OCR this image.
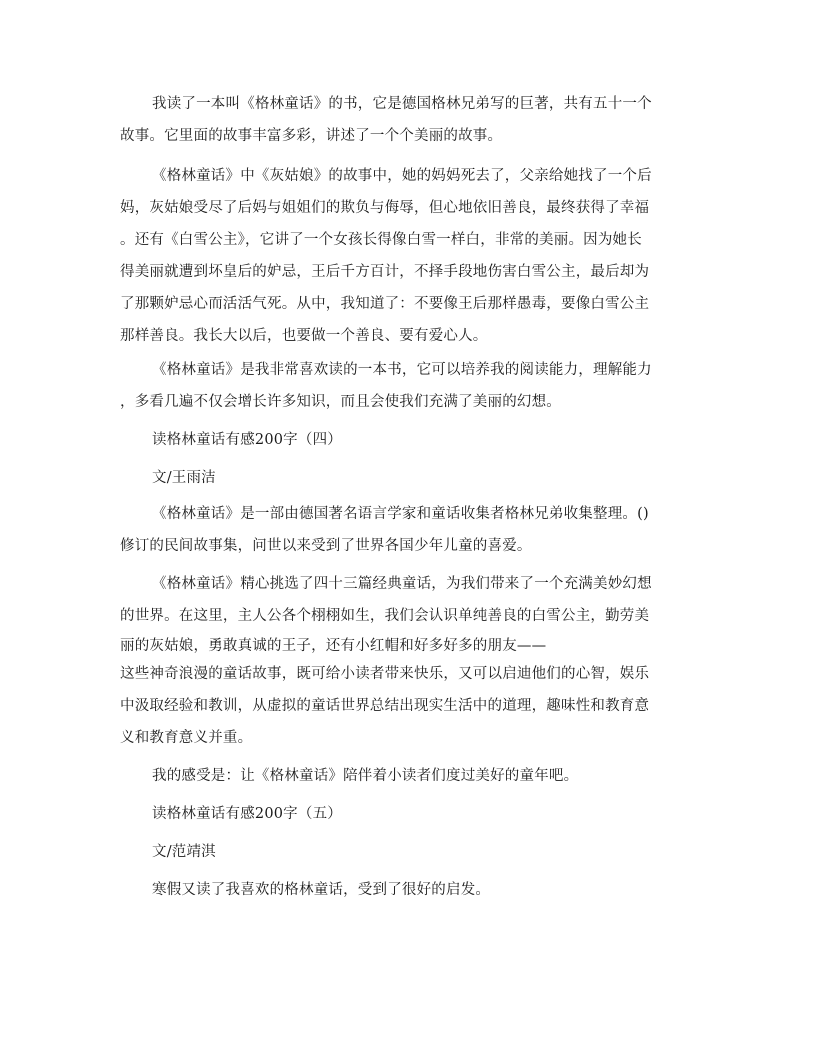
我读了一本叫《格林童话》的书，它是德国格林兄弟写的巨著，共有五十一个
故事。它里面的故事丰富多彩，讲述了一个个美丽的故事。
《格林童话》中《灰姑娘》的故事中，她的妈妈死去了，父亲给她找了一个后
妈，灰姑娘受尽了后妈与姐姐们的欺负与侮辱，但心地依旧善良，最终获得了幸福
。还有《白雪公主》，它讲了一个女孩长得像白雪一样白，非常的美丽。因为她长
得美丽就遭到坏皇后的妒忌，王后千方百计，不择手段地伤害白雪公主，最后却为
了那颗妒忌心而活活气死。从中，我知道了：不要像王后那样愚毒，要像白雪公主
那样善良。我长大以后，也要做一个善良、要有爱心人。
《格林童话》是我非常喜欢读的一本书，它可以培养我的阅读能力，理解能力
，多看几遍不仅会增长许多知识，而且会使我们充满了美丽的幻想。
读格林童话有感200字（四）
文/王雨洁
《格林童话》是一部由德国著名语言学家和童话收集者格林兄弟收集整理。()
修订的民间故事集，问世以来受到了世界各国少年儿童的喜爱。
《格林童话》精心挑选了四十三篇经典童话，为我们带来了一个充满美妙幻想
的世界。在这里，主人公各个栩栩如生，我们会认识单纯善良的白雪公主，勤劳美
丽的灰姑娘，勇敢真诚的王子，还有小红帽和好多好多的朋友——
这些神奇浪漫的童话故事，既可给小读者带来快乐，又可以启迪他们的心智，娱乐
中汲取经验和教训，从虚拟的童话世界总结出现实生活中的道理，趣味性和教育意
义和教育意义并重。
我的感受是：让《格林童话》陪伴着小读者们度过美好的童年吧。
读格林童话有感200字（五）
文/范靖淇
寒假又读了我喜欢的格林童话，受到了很好的启发。
